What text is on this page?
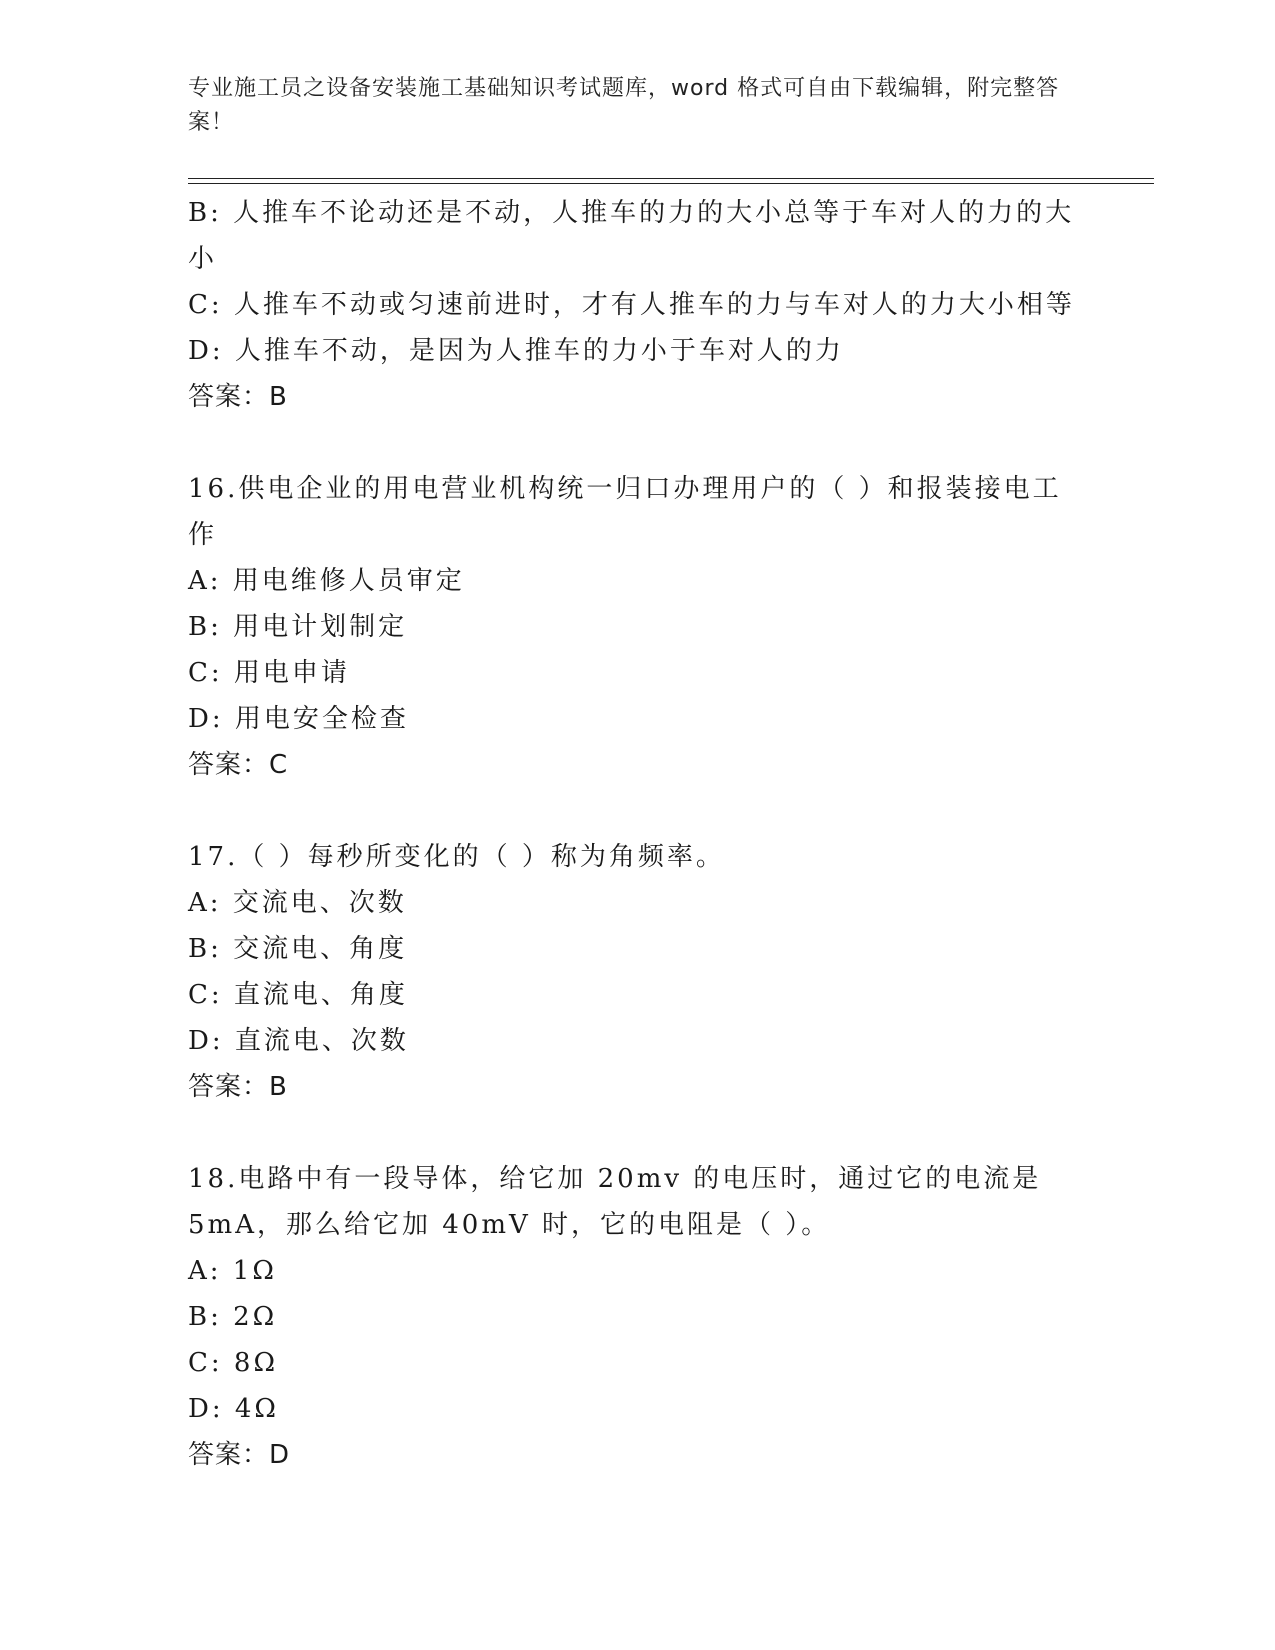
专业施工员之设备安装施工基础知识考试题库，word 格式可自由下载编辑，附完整答案！
B: 人推车不论动还是不动，人推车的力的大小总等于车对人的力的大小
C: 人推车不动或匀速前进时，才有人推车的力与车对人的力大小相等
D: 人推车不动，是因为人推车的力小于车对人的力
答案：B
16.供电企业的用电营业机构统一归口办理用户的（ ）和报装接电工作
A: 用电维修人员审定
B: 用电计划制定
C: 用电申请
D: 用电安全检查
答案：C
17.（ ）每秒所变化的（ ）称为角频率。
A: 交流电、次数
B: 交流电、角度
C: 直流电、角度
D: 直流电、次数
答案：B
18.电路中有一段导体，给它加 20mv 的电压时，通过它的电流是 5mA，那么给它加 40mV 时，它的电阻是（ ）。
A: 1Ω
B: 2Ω
C: 8Ω
D: 4Ω
答案：D
